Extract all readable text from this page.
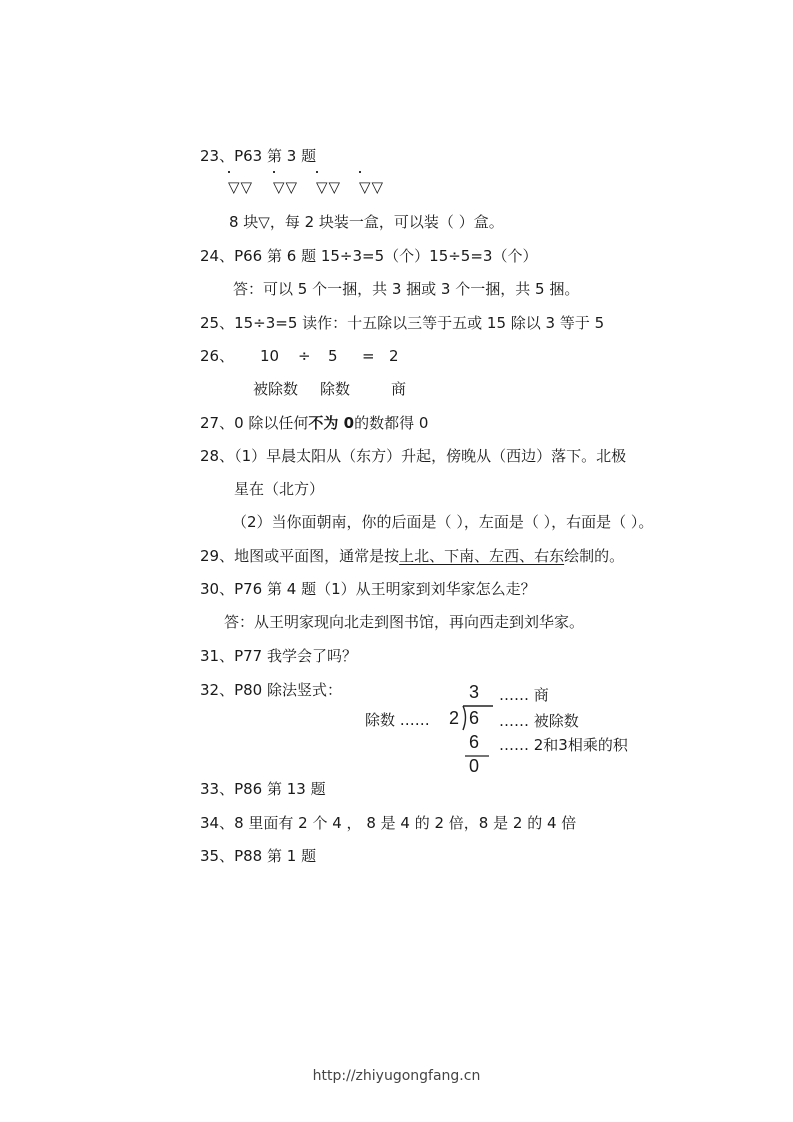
23、P63 第 3 题
▽▽ ▽▽ ▽▽ ▽▽
8 块▽，每 2 块装一盒，可以装（ ）盒。
24、P66 第 6 题 15÷3=5（个）15÷5=3（个）
答：可以 5 个一捆，共 3 捆或 3 个一捆，共 5 捆。
25、15÷3=5 读作：十五除以三等于五或 15 除以 3 等于 5
26、 10 ÷ 5 = 2
被除数 除数	商
27、0 除以任何不为 0的数都得 0
28、（1）早晨太阳从（东方）升起，傍晚从（西边）落下。北极
星在（北方）
（2）当你面朝南，你的后面是（ ），左面是（ ），右面是（ ）。
29、地图或平面图，通常是按上北、下南、左西、右东绘制的。
30、P76 第 4 题（1）从王明家到刘华家怎么走？
答：从王明家现向北走到图书馆，再向西走到刘华家。
31、P77 我学会了吗？
32、P80 除法竖式：	3 …… 商
除数 …… 2 6 …… 被除数
6 …… 2和3相乘的积
0
33、P86 第 13 题
34、8 里面有 2 个 4 ， 8 是 4 的 2 倍，8 是 2 的 4 倍
35、P88 第 1 题
http://zhiyugongfang.cn
